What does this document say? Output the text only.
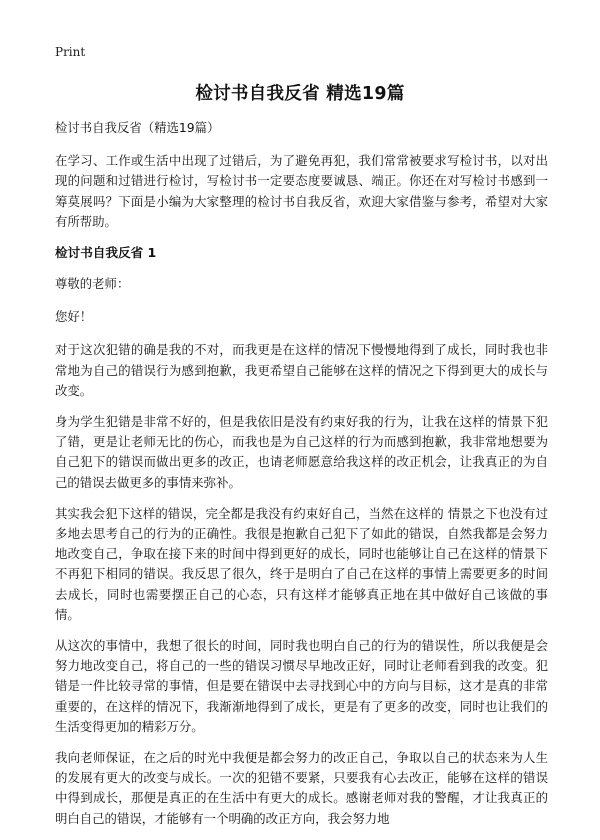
Print
检讨书自我反省 精选19篇

检讨书自我反省（精选19篇）

在学习、工作或生活中出现了过错后，为了避免再犯，我们常常被要求写检讨书，以对出现的问题和过错进行检讨，写检讨书一定要态度要诚恳、端正。你还在对写检讨书感到一筹莫展吗？下面是小编为大家整理的检讨书自我反省，欢迎大家借鉴与参考，希望对大家有所帮助。

检讨书自我反省 1

尊敬的老师：

您好！

对于这次犯错的确是我的不对，而我更是在这样的情况下慢慢地得到了成长，同时我也非常地为自己的错误行为感到抱歉，我更希望自己能够在这样的情况之下得到更大的成长与改变。

身为学生犯错是非常不好的，但是我依旧是没有约束好我的行为，让我在这样的情景下犯了错，更是让老师无比的伤心，而我也是为自己这样的行为而感到抱歉，我非常地想要为自己犯下的错误而做出更多的改正，也请老师愿意给我这样的改正机会，让我真正的为自己的错误去做更多的事情来弥补。

其实我会犯下这样的错误，完全都是我没有约束好自己，当然在这样的 情景之下也没有过多地去思考自己的行为的正确性。我很是抱歉自己犯下了如此的错误，自然我都是会努力地改变自己，争取在接下来的时间中得到更好的成长，同时也能够让自己在这样的情景下不再犯下相同的错误。我反思了很久，终于是明白了自己在这样的事情上需要更多的时间去成长，同时也需要摆正自己的心态，只有这样才能够真正地在其中做好自己该做的事情。

从这次的事情中，我想了很长的时间，同时我也明白自己的行为的错误性，所以我便是会努力地改变自己，将自己的一些的错误习惯尽早地改正好，同时让老师看到我的改变。犯错是一件比较寻常的事情，但是要在错误中去寻找到心中的方向与目标，这才是真的非常重要的，在这样的情况下，我渐渐地得到了成长，更是有了更多的改变，同时也让我们的生活变得更加的精彩万分。

我向老师保证，在之后的时光中我便是都会努力的改正自己，争取以自己的状态来为人生的发展有更大的改变与成长。一次的犯错不要紧，只要我有心去改正，能够在这样的错误中得到成长，那便是真正的在生活中有更大的成长。感谢老师对我的警醒，才让我真正的明白自己的错误，才能够有一个明确的改正方向，我会努力地
